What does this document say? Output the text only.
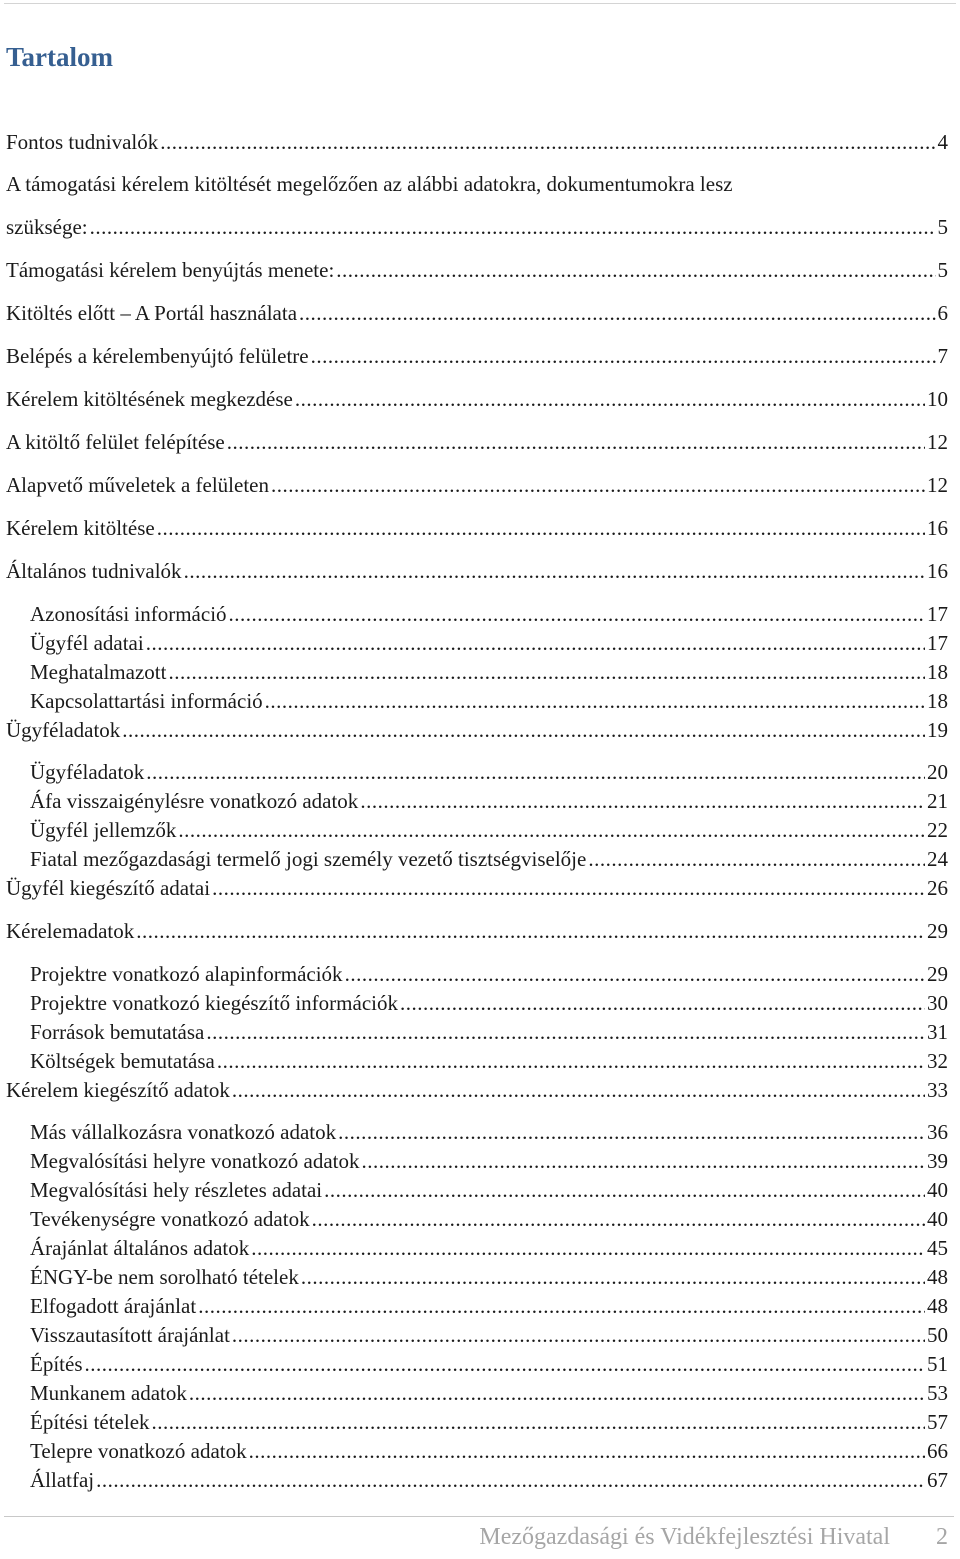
Tartalom
Fontos tudnivalók .....	4
A támogatási kérelem kitöltését megelőzően az alábbi adatokra, dokumentumokra lesz
szüksége: .....	5
Támogatási kérelem benyújtás menete: .....	5
Kitöltés előtt – A Portál használata .....	6
Belépés a kérelembenyújtó felületre .....	7
Kérelem kitöltésének megkezdése .....	10
A kitöltő felület felépítése .....	12
Alapvető műveletek a felületen .....	12
Kérelem kitöltése .....	16
Általános tudnivalók .....	16
Azonosítási információ .....	17
Ügyfél adatai .....	17
Meghatalmazott .....	18
Kapcsolattartási információ .....	18
Ügyféladatok .....	19
Ügyféladatok .....	20
Áfa visszaigénylésre vonatkozó adatok .....	21
Ügyfél jellemzők .....	22
Fiatal mezőgazdasági termelő jogi személy vezető tisztségviselője .....	24
Ügyfél kiegészítő adatai .....	26
Kérelemadatok .....	29
Projektre vonatkozó alapinformációk .....	29
Projektre vonatkozó kiegészítő információk .....	30
Források bemutatása .....	31
Költségek bemutatása .....	32
Kérelem kiegészítő adatok .....	33
Más vállalkozásra vonatkozó adatok .....	36
Megvalósítási helyre vonatkozó adatok .....	39
Megvalósítási hely részletes adatai .....	40
Tevékenységre vonatkozó adatok .....	40
Árajánlat általános adatok .....	45
ÉNGY-be nem sorolható tételek .....	48
Elfogadott árajánlat .....	48
Visszautasított árajánlat .....	50
Építés .....	51
Munkanem adatok .....	53
Építési tételek .....	57
Telepre vonatkozó adatok .....	66
Állatfaj .....	67
Mezőgazdasági és Vidékfejlesztési Hivatal 2
